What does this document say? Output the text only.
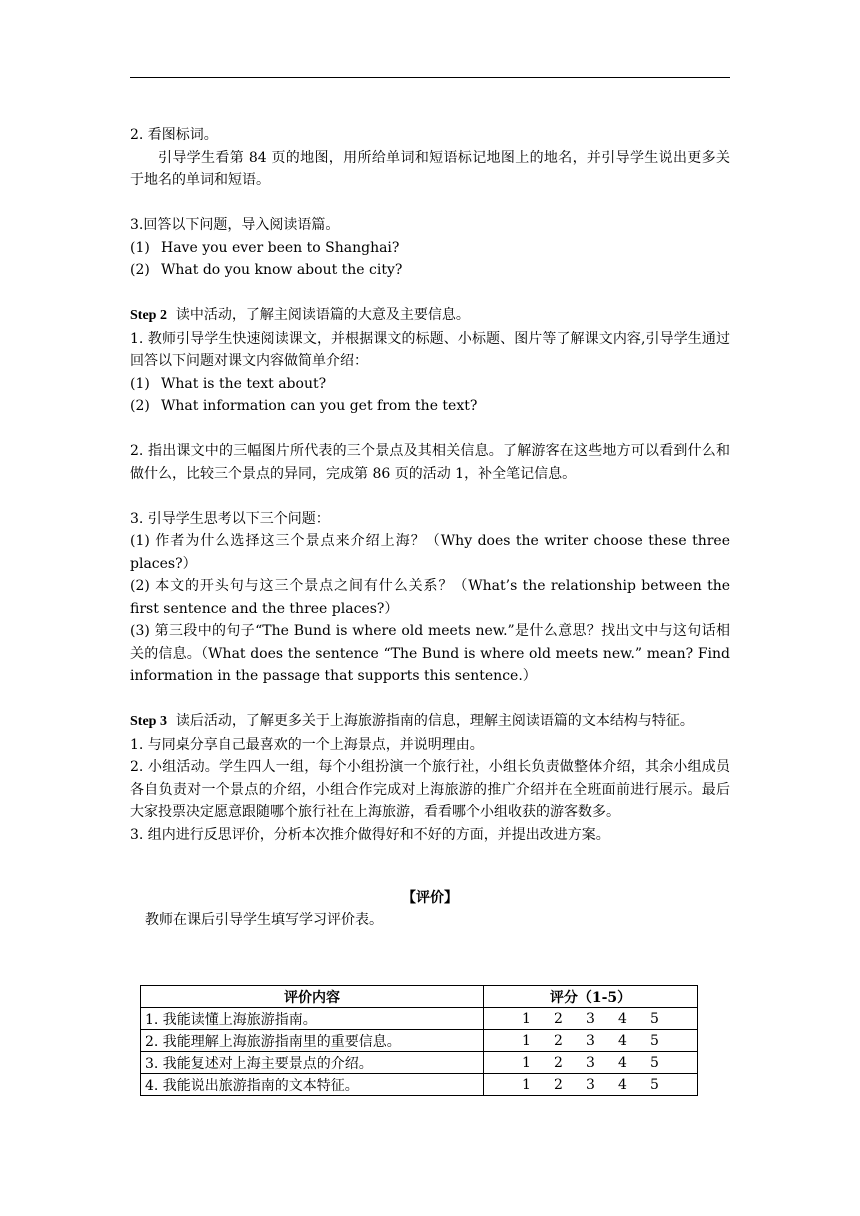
2. 看图标词。
引导学生看第 84 页的地图，用所给单词和短语标记地图上的地名，并引导学生说出更多关于地名的单词和短语。
3.回答以下问题，导入阅读语篇。
(1) Have you ever been to Shanghai?
(2) What do you know about the city?
Step 2 读中活动，了解主阅读语篇的大意及主要信息。
1. 教师引导学生快速阅读课文，并根据课文的标题、小标题、图片等了解课文内容,引导学生通过回答以下问题对课文内容做简单介绍：
(1) What is the text about?
(2) What information can you get from the text?
2. 指出课文中的三幅图片所代表的三个景点及其相关信息。了解游客在这些地方可以看到什么和做什么，比较三个景点的异同，完成第 86 页的活动 1，补全笔记信息。
3. 引导学生思考以下三个问题：
(1) 作者为什么选择这三个景点来介绍上海？（Why does the writer choose these three places?）
(2) 本文的开头句与这三个景点之间有什么关系？（What’s the relationship between the first sentence and the three places?）
(3) 第三段中的句子“The Bund is where old meets new.”是什么意思？找出文中与这句话相关的信息。（What does the sentence “The Bund is where old meets new.” mean? Find information in the passage that supports this sentence.）
Step 3 读后活动，了解更多关于上海旅游指南的信息，理解主阅读语篇的文本结构与特征。
1. 与同桌分享自己最喜欢的一个上海景点，并说明理由。
2. 小组活动。学生四人一组，每个小组扮演一个旅行社，小组长负责做整体介绍，其余小组成员各自负责对一个景点的介绍，小组合作完成对上海旅游的推广介绍并在全班面前进行展示。最后大家投票决定愿意跟随哪个旅行社在上海旅游，看看哪个小组收获的游客数多。
3. 组内进行反思评价，分析本次推介做得好和不好的方面，并提出改进方案。
【评价】
教师在课后引导学生填写学习评价表。
评价内容	评分（1-5）
1. 我能读懂上海旅游指南。	1 2 3 4 5
2. 我能理解上海旅游指南里的重要信息。	1 2 3 4 5
3. 我能复述对上海主要景点的介绍。	1 2 3 4 5
4. 我能说出旅游指南的文本特征。	1 2 3 4 5
